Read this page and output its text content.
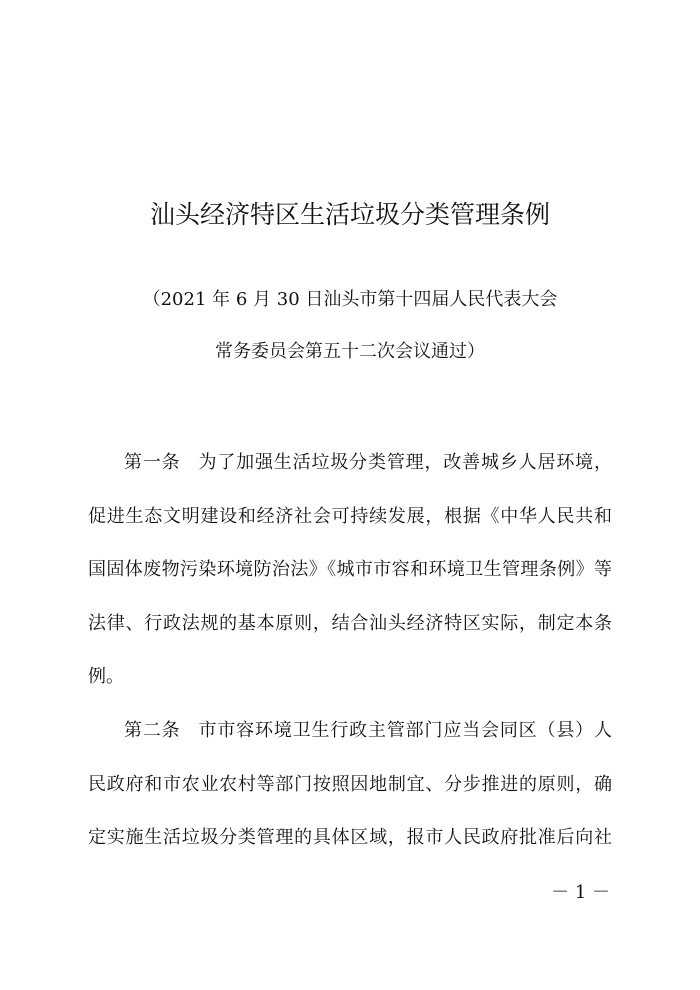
汕头经济特区生活垃圾分类管理条例
（2021 年 6 月 30 日汕头市第十四届人民代表大会
常务委员会第五十二次会议通过）
第一条 为了加强生活垃圾分类管理，改善城乡人居环境，
促进生态文明建设和经济社会可持续发展，根据《中华人民共和
国固体废物污染环境防治法》《城市市容和环境卫生管理条例》等
法律、行政法规的基本原则，结合汕头经济特区实际，制定本条
例。
第二条 市市容环境卫生行政主管部门应当会同区（县）人
民政府和市农业农村等部门按照因地制宜、分步推进的原则，确
定实施生活垃圾分类管理的具体区域，报市人民政府批准后向社
－ 1 －
